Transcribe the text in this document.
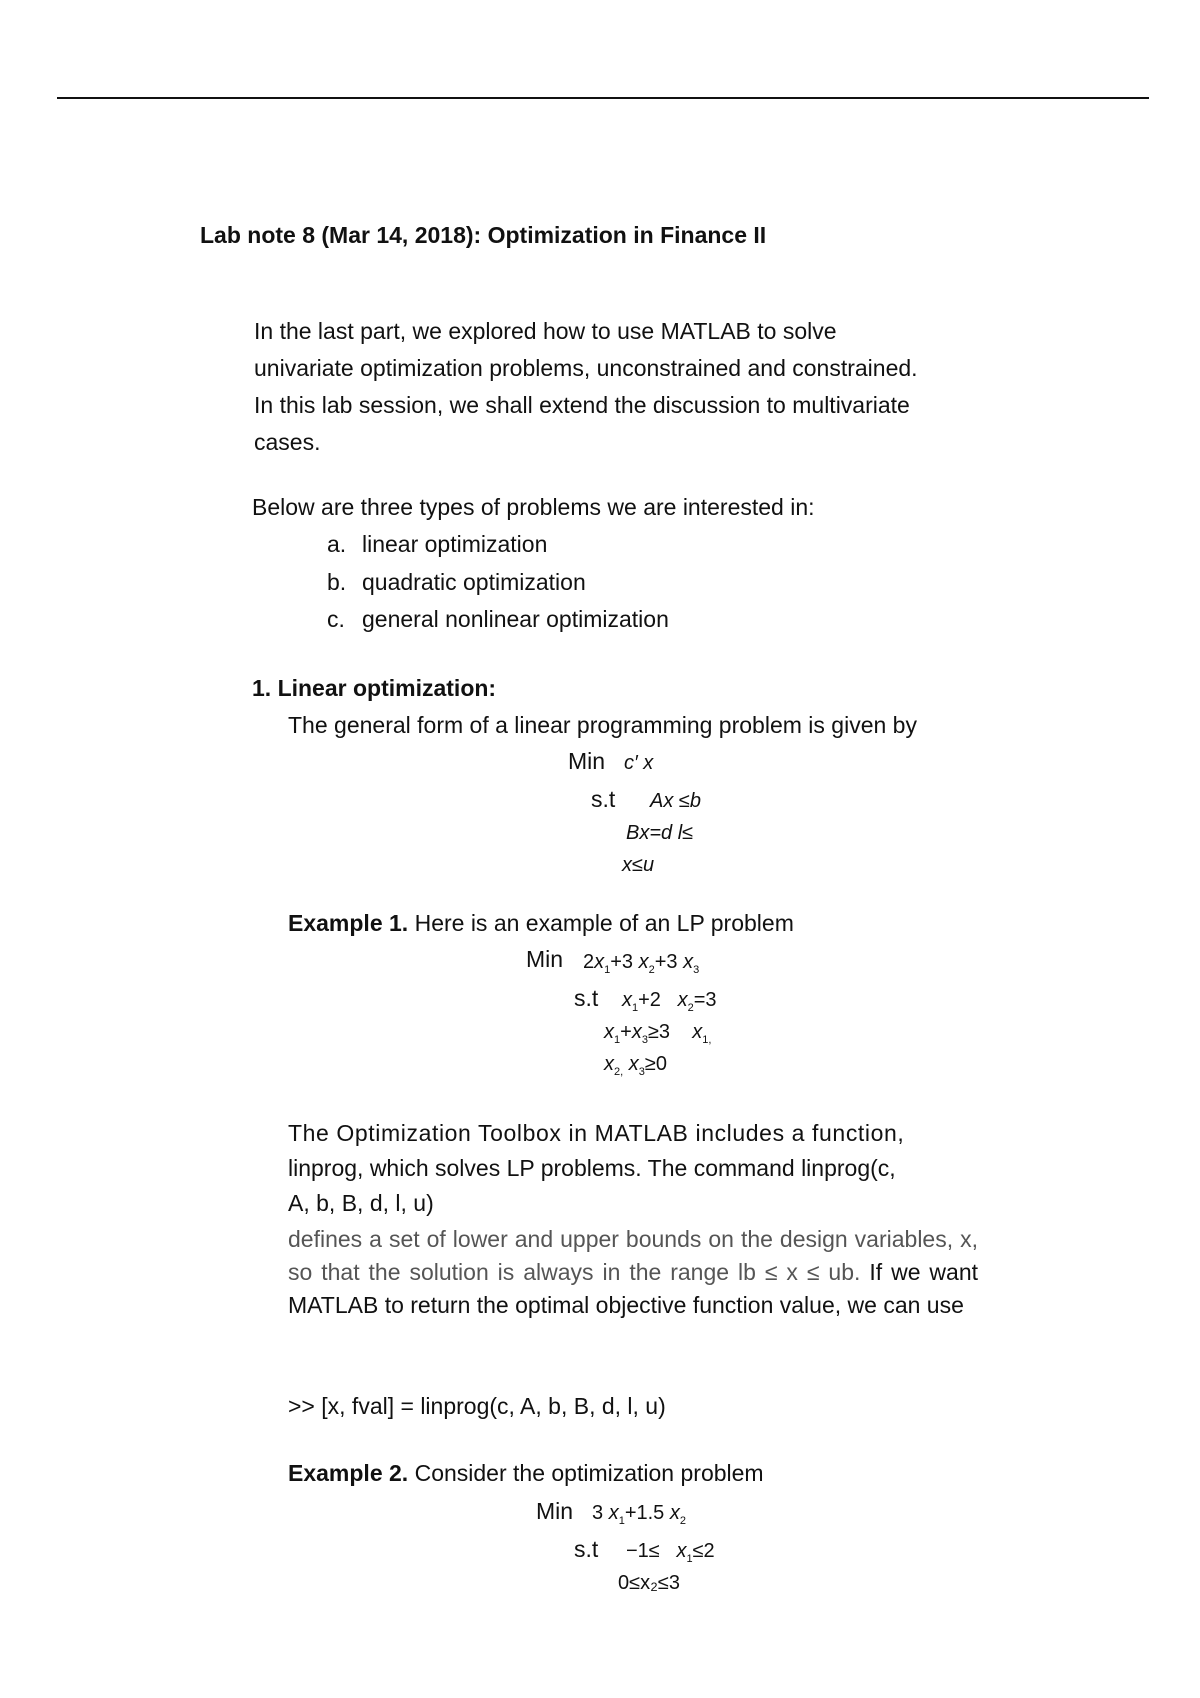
Lab note 8 (Mar 14, 2018): Optimization in Finance II
In the last part, we explored how to use MATLAB to solve
univariate optimization problems, unconstrained and constrained.
In this lab session, we shall extend the discussion to multivariate
cases.
Below are three types of problems we are interested in:
a. linear optimization
b. quadratic optimization
c. general nonlinear optimization
1. Linear optimization:
The general form of a linear programming problem is given by
Min c′ x
s.t Ax ≤b
Bx=d l≤
x≤u
Example 1. Here is an example of an LP problem
Min $2x_1+3$ $x_2+3$ $x_3$
s.t $x_1+2$   $x_2=3$
$x_1+x_3\ge 3$    $x_{1,}$
$x_{2,}$ $x_3\ge 0$
The Optimization Toolbox in MATLAB includes a function,
linprog, which solves LP problems. The command linprog(c,
A, b, B, d, l, u)
defines a set of lower and upper bounds on the design variables, x, so that the solution is always in the range lb ≤ x ≤ ub. If we want MATLAB to return the optimal objective function value, we can use
>> [x, fval] = linprog(c, A, b, B, d, l, u)
Example 2. Consider the optimization problem
Min 3 $x_1+1.5$ $x_2$
$s.t -1\le x_1\le 2$
0≤x₂≤3
